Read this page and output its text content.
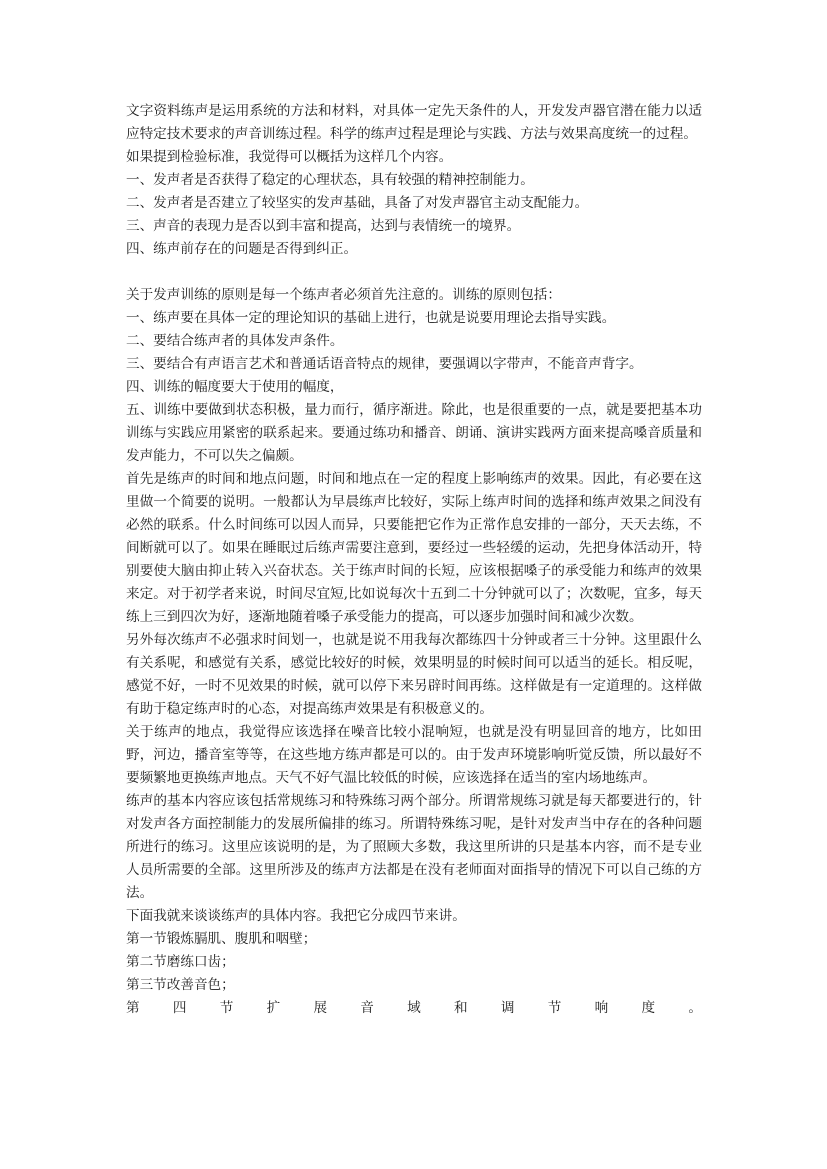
文字资料练声是运用系统的方法和材料，对具体一定先天条件的人，开发发声器官潜在能力以适应特定技术要求的声音训练过程。科学的练声过程是理论与实践、方法与效果高度统一的过程。

如果提到检验标准，我觉得可以概括为这样几个内容。

一、发声者是否获得了稳定的心理状态，具有较强的精神控制能力。

二、发声者是否建立了较坚实的发声基础，具备了对发声器官主动支配能力。

三、声音的表现力是否以到丰富和提高，达到与表情统一的境界。

四、练声前存在的问题是否得到纠正。

关于发声训练的原则是每一个练声者必须首先注意的。训练的原则包括：

一、练声要在具体一定的理论知识的基础上进行，也就是说要用理论去指导实践。

二、要结合练声者的具体发声条件。

三、要结合有声语言艺术和普通话语音特点的规律，要强调以字带声，不能音声背字。

四、训练的幅度要大于使用的幅度，

五、训练中要做到状态积极，量力而行，循序渐进。除此，也是很重要的一点，就是要把基本功训练与实践应用紧密的联系起来。要通过练功和播音、朗诵、演讲实践两方面来提高嗓音质量和发声能力，不可以失之偏颇。

首先是练声的时间和地点问题，时间和地点在一定的程度上影响练声的效果。因此，有必要在这里做一个简要的说明。一般都认为早晨练声比较好，实际上练声时间的选择和练声效果之间没有必然的联系。什么时间练可以因人而异，只要能把它作为正常作息安排的一部分，天天去练，不间断就可以了。如果在睡眠过后练声需要注意到，要经过一些轻缓的运动，先把身体活动开，特别要使大脑由抑止转入兴奋状态。关于练声时间的长短，应该根据嗓子的承受能力和练声的效果来定。对于初学者来说，时间尽宜短,比如说每次十五到二十分钟就可以了；次数呢，宜多，每天练上三到四次为好，逐渐地随着嗓子承受能力的提高，可以逐步加强时间和减少次数。

另外每次练声不必强求时间划一，也就是说不用我每次都练四十分钟或者三十分钟。这里跟什么有关系呢，和感觉有关系，感觉比较好的时候，效果明显的时候时间可以适当的延长。相反呢，感觉不好，一时不见效果的时候，就可以停下来另辟时间再练。这样做是有一定道理的。这样做有助于稳定练声时的心态，对提高练声效果是有积极意义的。

关于练声的地点，我觉得应该选择在噪音比较小混响短，也就是没有明显回音的地方，比如田野，河边，播音室等等，在这些地方练声都是可以的。由于发声环境影响听觉反馈，所以最好不要频繁地更换练声地点。天气不好气温比较低的时候，应该选择在适当的室内场地练声。

练声的基本内容应该包括常规练习和特殊练习两个部分。所谓常规练习就是每天都要进行的，针对发声各方面控制能力的发展所偏排的练习。所谓特殊练习呢，是针对发声当中存在的各种问题所进行的练习。这里应该说明的是，为了照顾大多数，我这里所讲的只是基本内容，而不是专业人员所需要的全部。这里所涉及的练声方法都是在没有老师面对面指导的情况下可以自己练的方法。

下面我就来谈谈练声的具体内容。我把它分成四节来讲。

第一节锻炼膈肌、腹肌和咽壁；

第二节磨练口齿；

第三节改善音色；

第 四 节 扩 展 音 域 和 调 节 响 度 。
